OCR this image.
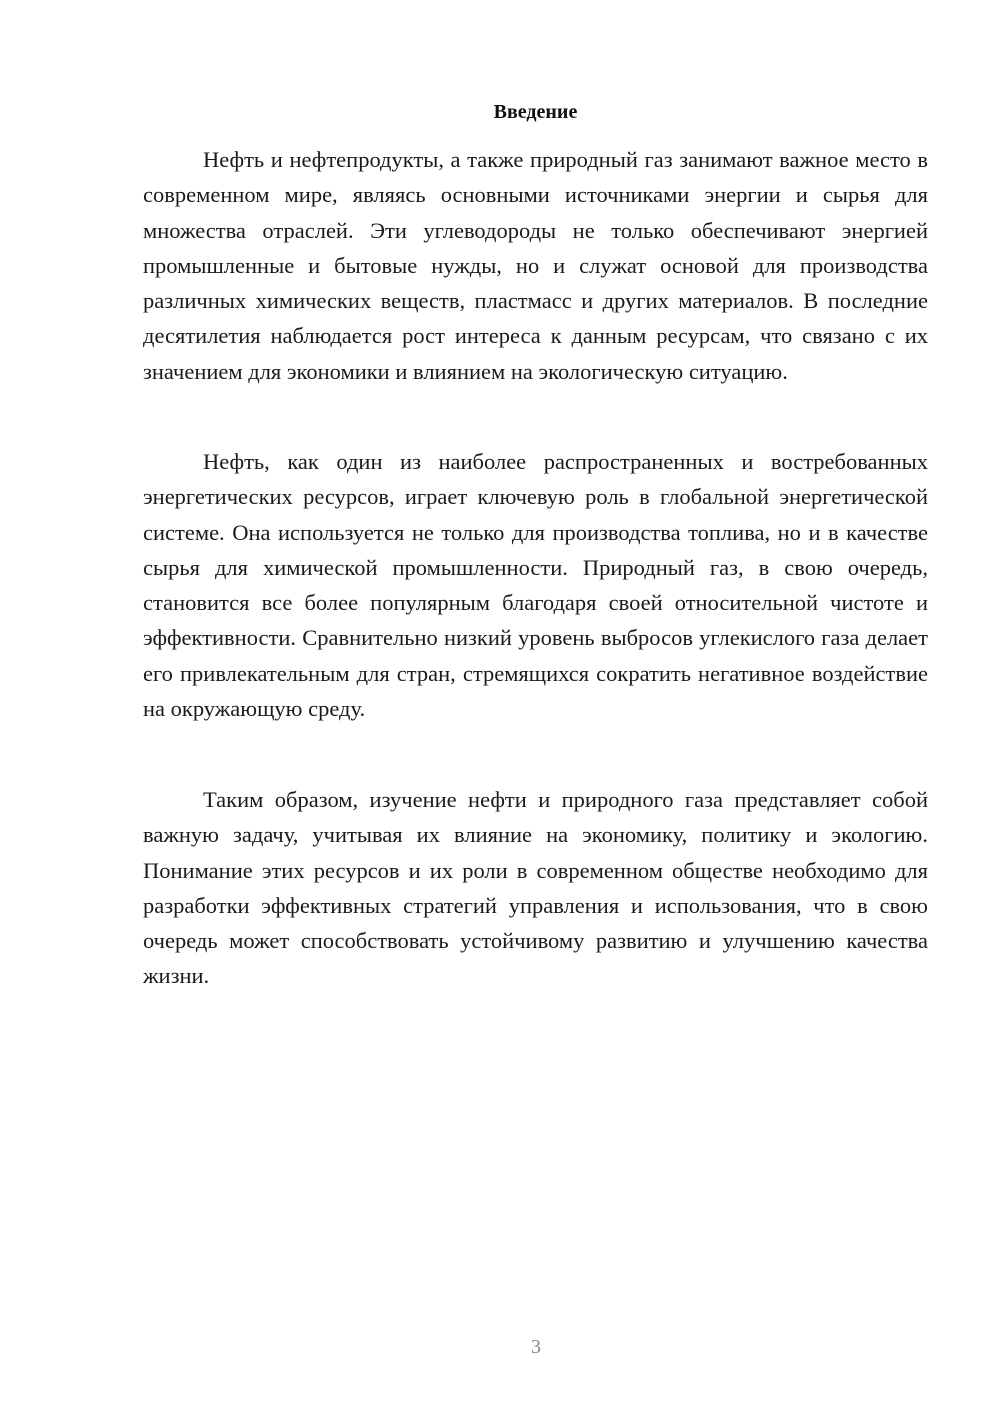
Введение

Нефть и нефтепродукты, а также природный газ занимают важное место в современном мире, являясь основными источниками энергии и сырья для множества отраслей. Эти углеводороды не только обеспечивают энергией промышленные и бытовые нужды, но и служат основой для производства различных химических веществ, пластмасс и других материалов. В последние десятилетия наблюдается рост интереса к данным ресурсам, что связано с их значением для экономики и влиянием на экологическую ситуацию.

Нефть, как один из наиболее распространенных и востребованных энергетических ресурсов, играет ключевую роль в глобальной энергетической системе. Она используется не только для производства топлива, но и в качестве сырья для химической промышленности. Природный газ, в свою очередь, становится все более популярным благодаря своей относительной чистоте и эффективности. Сравнительно низкий уровень выбросов углекислого газа делает его привлекательным для стран, стремящихся сократить негативное воздействие на окружающую среду.

Таким образом, изучение нефти и природного газа представляет собой важную задачу, учитывая их влияние на экономику, политику и экологию. Понимание этих ресурсов и их роли в современном обществе необходимо для разработки эффективных стратегий управления и использования, что в свою очередь может способствовать устойчивому развитию и улучшению качества жизни.

3
